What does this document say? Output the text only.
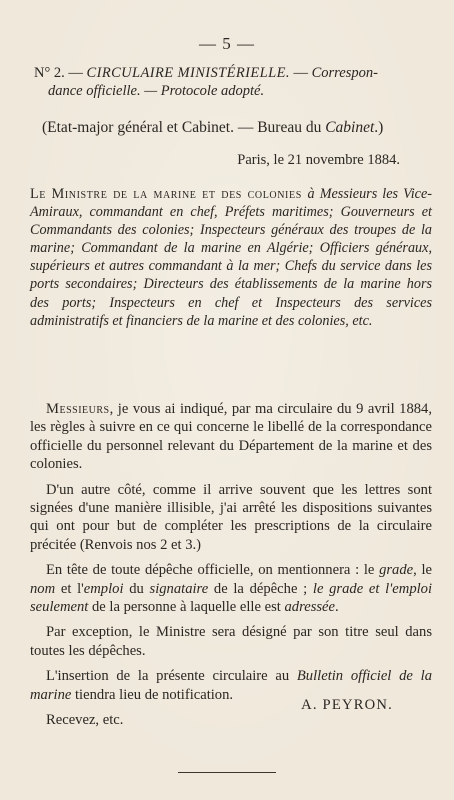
— 5 —
N° 2. — CIRCULAIRE MINISTÉRIELLE. — Correspon-
dance officielle. — Protocole adopté.
(Etat-major général et Cabinet. — Bureau du Cabinet.)
Paris, le 21 novembre 1884.
Le Ministre de la marine et des colonies à Messieurs les Vice-Amiraux, commandant en chef, Préfets maritimes; Gouverneurs et Commandants des colonies; Inspecteurs généraux des troupes de la marine; Commandant de la marine en Algérie; Officiers généraux, supérieurs et autres commandant à la mer; Chefs du service dans les ports secondaires; Directeurs des établissements de la marine hors des ports; Inspecteurs en chef et Inspecteurs des services administratifs et financiers de la marine et des colonies, etc.

Messieurs, je vous ai indiqué, par ma circulaire du 9 avril 1884, les règles à suivre en ce qui concerne le libellé de la correspondance officielle du personnel relevant du Département de la marine et des colonies.

D'un autre côté, comme il arrive souvent que les lettres sont signées d'une manière illisible, j'ai arrêté les dispositions suivantes qui ont pour but de compléter les prescriptions de la circulaire précitée (Renvois nos 2 et 3.)

En tête de toute dépêche officielle, on mentionnera : le grade, le nom et l'emploi du signataire de la dépêche ; le grade et l'emploi seulement de la personne à laquelle elle est adressée.

Par exception, le Ministre sera désigné par son titre seul dans toutes les dépêches.

L'insertion de la présente circulaire au Bulletin officiel de la marine tiendra lieu de notification.

Recevez, etc.

A. PEYRON.
